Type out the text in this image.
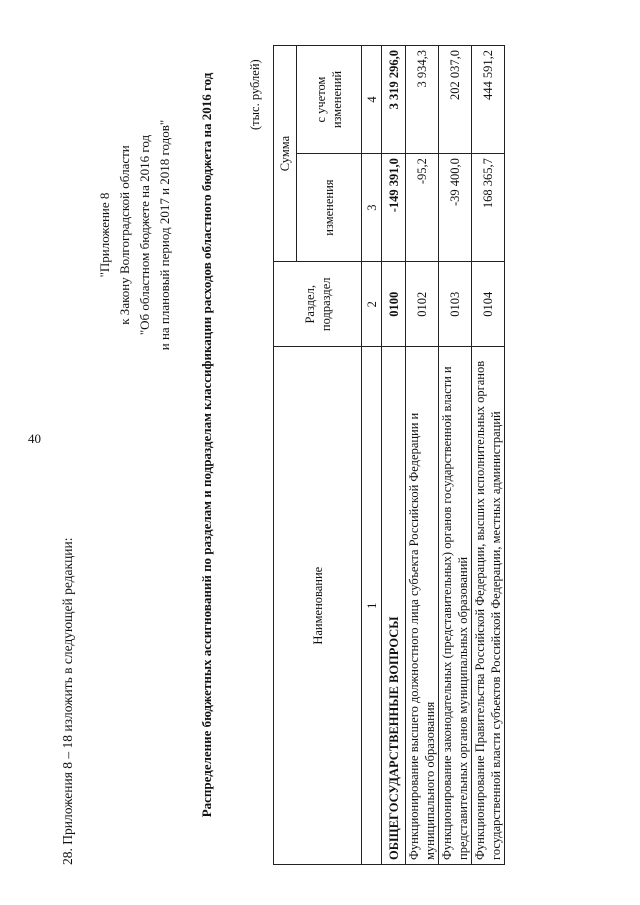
40
28. Приложения 8 – 18 изложить в следующей редакции:
"Приложение 8 к Закону Волгоградской области "Об областном бюджете на 2016 год и на плановый период 2017 и 2018 годов" Распределение бюджетных ассигнований по разделам и подразделам классификации расходов областного бюджета на 2016 год	(тыс. рублей)
Наименование	Раздел, подраздел	Сумма	
		изменения	с учетом изменений
1	2	3	4
ОБЩЕГОСУДАРСТВЕННЫЕ ВОПРОСЫ	0100	-149 391,0	3 319 296,0
Функционирование высшего должностного лица субъекта Российской Федерации и муниципального образования	0102	-95,2	3 934,3
Функционирование законодательных (представительных) органов государственной власти и представительных органов муниципальных образований	0103	-39 400,0	202 037,0
Функционирование Правительства Российской Федерации, высших исполнительных органов государственной власти субъектов Российской Федерации, местных администраций	0104	168 365,7	444 591,2
